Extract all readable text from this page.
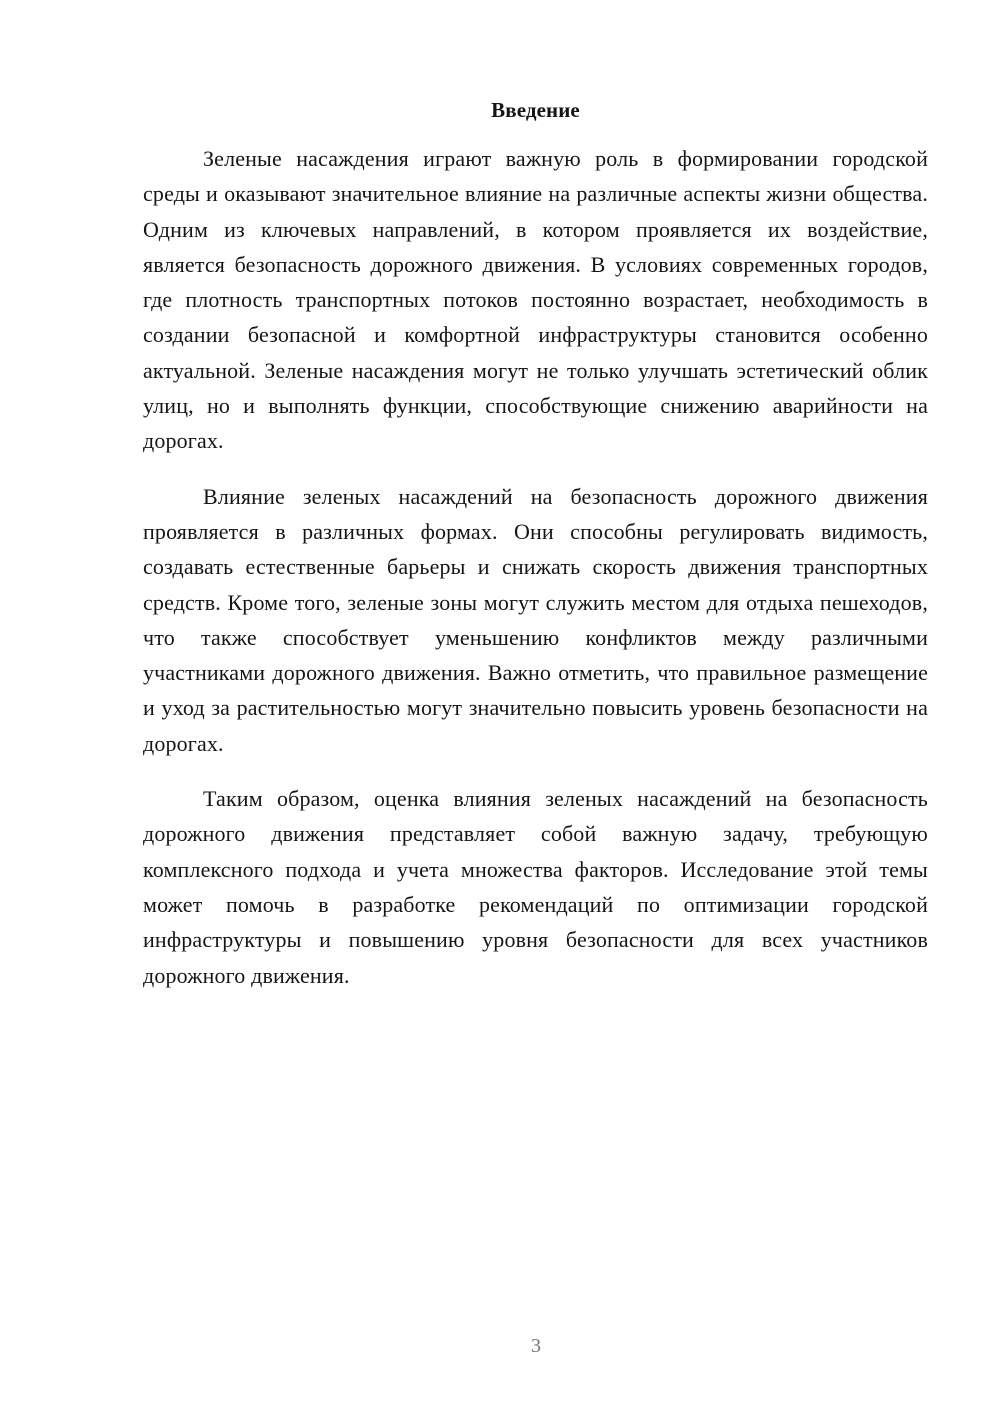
Введение

Зеленые насаждения играют важную роль в формировании городской среды и оказывают значительное влияние на различные аспекты жизни общества. Одним из ключевых направлений, в котором проявляется их воздействие, является безопасность дорожного движения. В условиях современных городов, где плотность транспортных потоков постоянно возрастает, необходимость в создании безопасной и комфортной инфраструктуры становится особенно актуальной. Зеленые насаждения могут не только улучшать эстетический облик улиц, но и выполнять функции, способствующие снижению аварийности на дорогах.

Влияние зеленых насаждений на безопасность дорожного движения проявляется в различных формах. Они способны регулировать видимость, создавать естественные барьеры и снижать скорость движения транспортных средств. Кроме того, зеленые зоны могут служить местом для отдыха пешеходов, что также способствует уменьшению конфликтов между различными участниками дорожного движения. Важно отметить, что правильное размещение и уход за растительностью могут значительно повысить уровень безопасности на дорогах.

Таким образом, оценка влияния зеленых насаждений на безопасность дорожного движения представляет собой важную задачу, требующую комплексного подхода и учета множества факторов. Исследование этой темы может помочь в разработке рекомендаций по оптимизации городской инфраструктуры и повышению уровня безопасности для всех участников дорожного движения.

3
